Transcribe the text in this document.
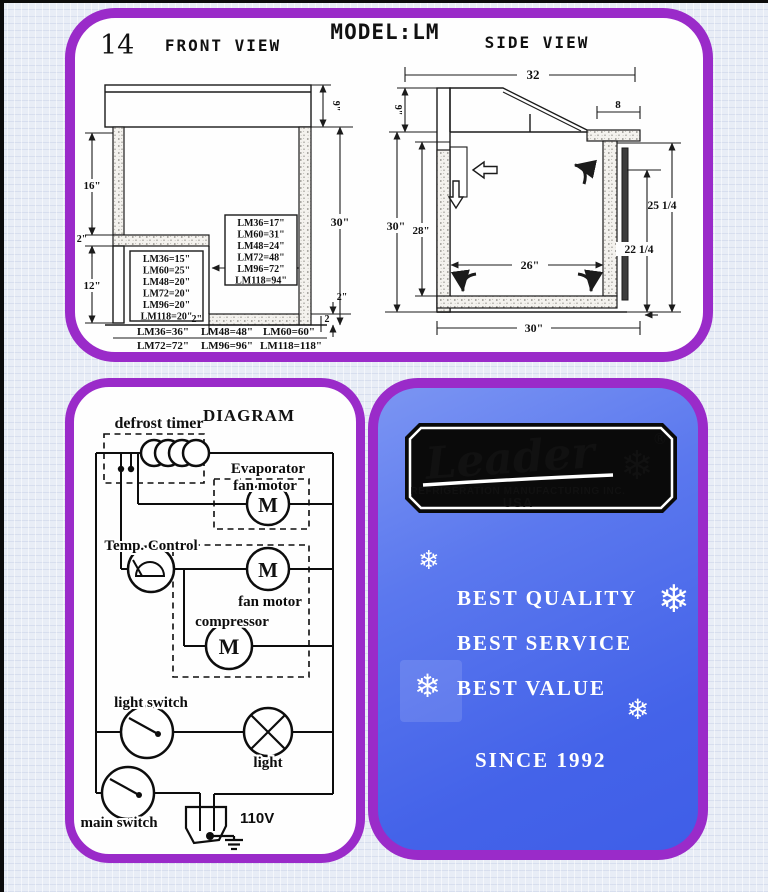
14 FRONT VIEW
MODEL:LM	SIDE VIEW
LM36=17"
LM60=31"
LM48=24"
LM72=48"
LM96=72"
LM118=94"
LM36=15"
LM60=25"
LM48=20"
LM72=20"
LM96=20"
LM118=20"
16"
2"
12"
9"
30"
2"
2"	2
LM36=36" LM48=48" LM60=60"
LM72=72" LM96=96" LM118=118"
32
8
26"
9"
30" 28"
30"
25 1/4
22 1/4
DIAGRAM
defrost timer
M
M
M
Evaporator
fan motor
Temp. Control
fan motor
compressor
light switch
light
main switch	110V
Leader ❄
®
REFRIGERATION MANUFACTURING INC.
USA
❄
❄
❄
❄
BEST QUALITY
BEST SERVICE
BEST VALUE
SINCE 1992
